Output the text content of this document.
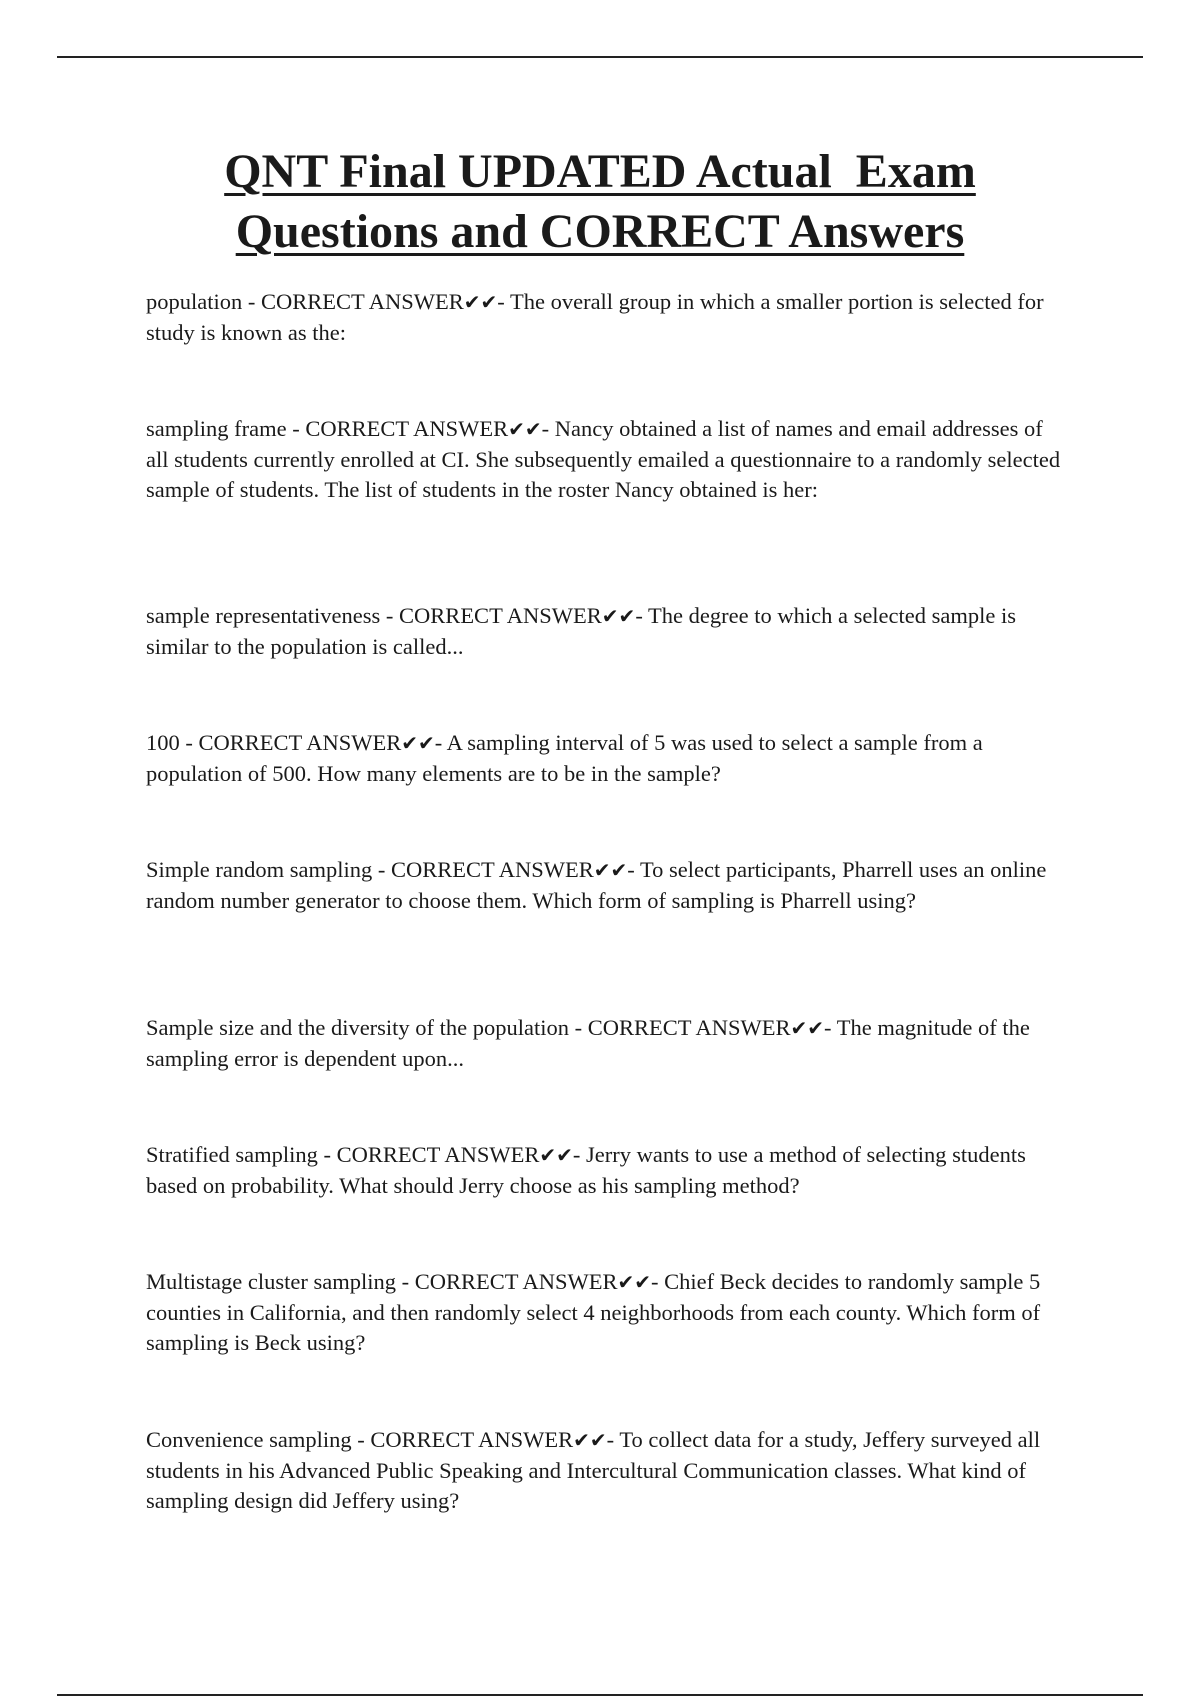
QNT Final UPDATED Actual  Exam
Questions and CORRECT Answers

population - CORRECT ANSWER✔✔- The overall group in which a smaller portion is selected for study is known as the:

sampling frame - CORRECT ANSWER✔✔- Nancy obtained a list of names and email addresses of all students currently enrolled at CI. She subsequently emailed a questionnaire to a randomly selected sample of students. The list of students in the roster Nancy obtained is her:

sample representativeness - CORRECT ANSWER✔✔- The degree to which a selected sample is similar to the population is called...

100 - CORRECT ANSWER✔✔- A sampling interval of 5 was used to select a sample from a population of 500. How many elements are to be in the sample?

Simple random sampling - CORRECT ANSWER✔✔- To select participants, Pharrell uses an online random number generator to choose them. Which form of sampling is Pharrell using?

Sample size and the diversity of the population - CORRECT ANSWER✔✔- The magnitude of the sampling error is dependent upon...

Stratified sampling - CORRECT ANSWER✔✔- Jerry wants to use a method of selecting students based on probability. What should Jerry choose as his sampling method?

Multistage cluster sampling - CORRECT ANSWER✔✔- Chief Beck decides to randomly sample 5 counties in California, and then randomly select 4 neighborhoods from each county. Which form of sampling is Beck using?

Convenience sampling - CORRECT ANSWER✔✔- To collect data for a study, Jeffery surveyed all students in his Advanced Public Speaking and Intercultural Communication classes. What kind of sampling design did Jeffery using?
